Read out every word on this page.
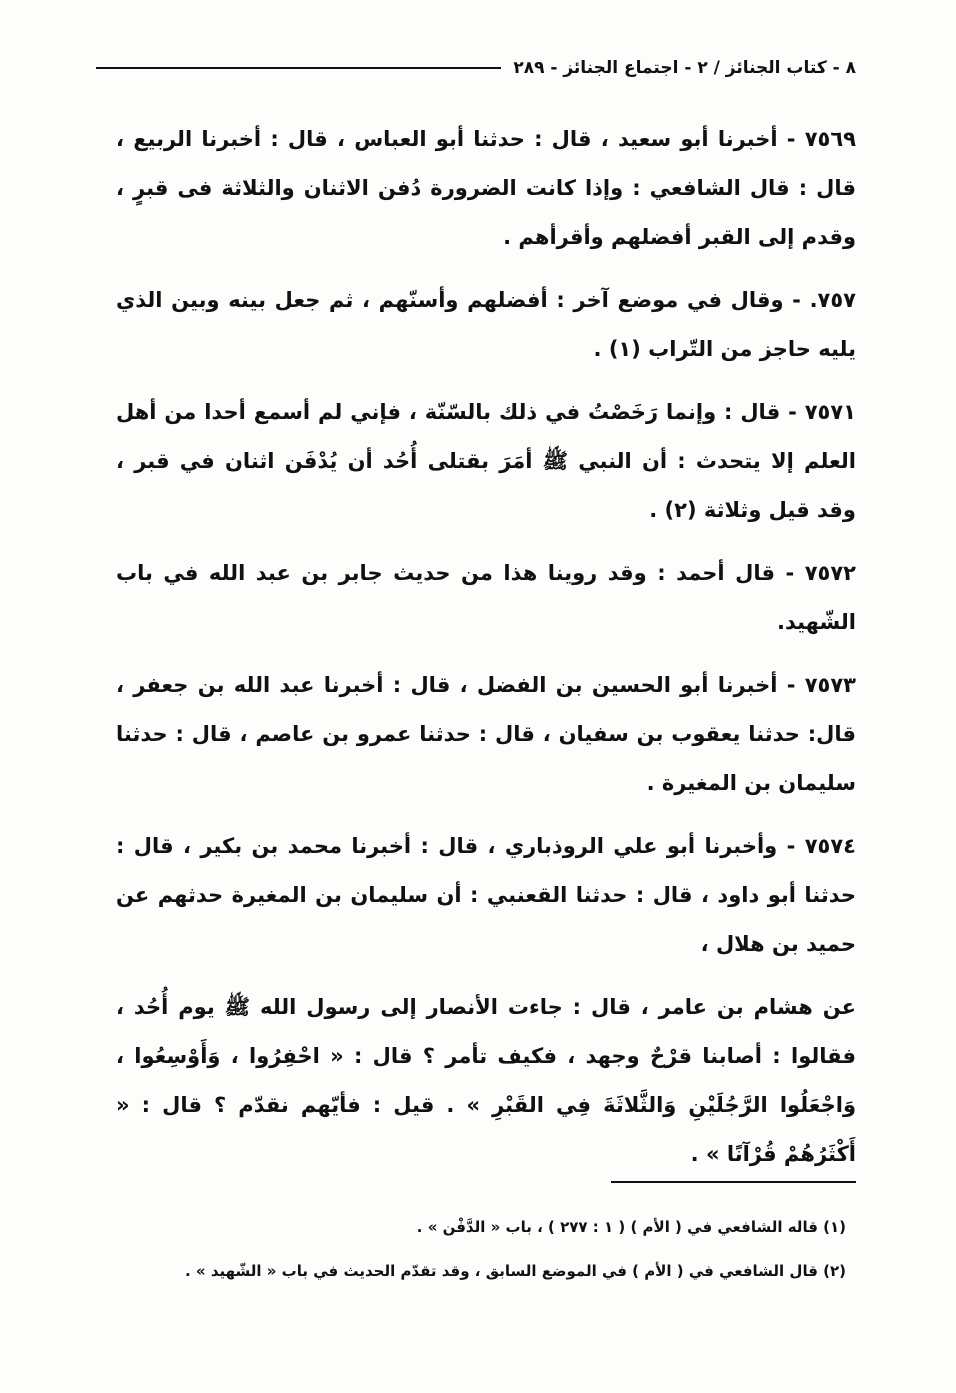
٨ - كتاب الجنائز / ٢ - اجتماع الجنائز - ٢٨٩

٧٥٦٩ - أخبرنا أبو سعيد ، قال : حدثنا أبو العباس ، قال : أخبرنا الربيع ، قال : قال الشافعي : وإذا كانت الضرورة دُفن الاثنان والثلاثة فى قبرٍ ، وقدم إلى القبر أفضلهم وأقرأهم .

٧٥٧. - وقال في موضع آخر : أفضلهم وأسنّهم ، ثم جعل بينه وبين الذي يليه حاجز من التّراب (١) .

٧٥٧١ - قال : وإنما رَخَصْتُ في ذلك بالسّنّة ، فإني لم أسمع أحدا من أهل العلم إلا يتحدث : أن النبي ﷺ أمَرَ بقتلى أُحُد أن يُدْفَن اثنان في قبر ، وقد قيل وثلاثة (٢) .

٧٥٧٢ - قال أحمد : وقد روينا هذا من حديث جابر بن عبد الله في باب الشّهيد.

٧٥٧٣ - أخبرنا أبو الحسين بن الفضل ، قال : أخبرنا عبد الله بن جعفر ، قال: حدثنا يعقوب بن سفيان ، قال : حدثنا عمرو بن عاصم ، قال : حدثنا سليمان بن المغيرة .

٧٥٧٤ - وأخبرنا أبو علي الروذباري ، قال : أخبرنا محمد بن بكير ، قال : حدثنا أبو داود ، قال : حدثنا القعنبي : أن سليمان بن المغيرة حدثهم عن حميد بن هلال ،

عن هشام بن عامر ، قال : جاءت الأنصار إلى رسول الله ﷺ يوم أُحُد ، فقالوا : أصابنا قرْحٌ وجهد ، فكيف تأمر ؟ قال : « احْفِرُوا ، وَأَوْسِعُوا ، وَاجْعَلُوا الرَّجُلَيْنِ وَالثَّلاثَةَ فِي القَبْرِ » . قيل : فأيّهم نقدّم ؟ قال : « أَكْثَرُهُمْ قُرْآنًا » .

(١) قاله الشافعي في ( الأم ) ( ١ : ٢٧٧ ) ، باب « الدَّفْن » .
(٢) قال الشافعي في ( الأم ) في الموضع السابق ، وقد تقدّم الحديث في باب « الشّهيد » .
